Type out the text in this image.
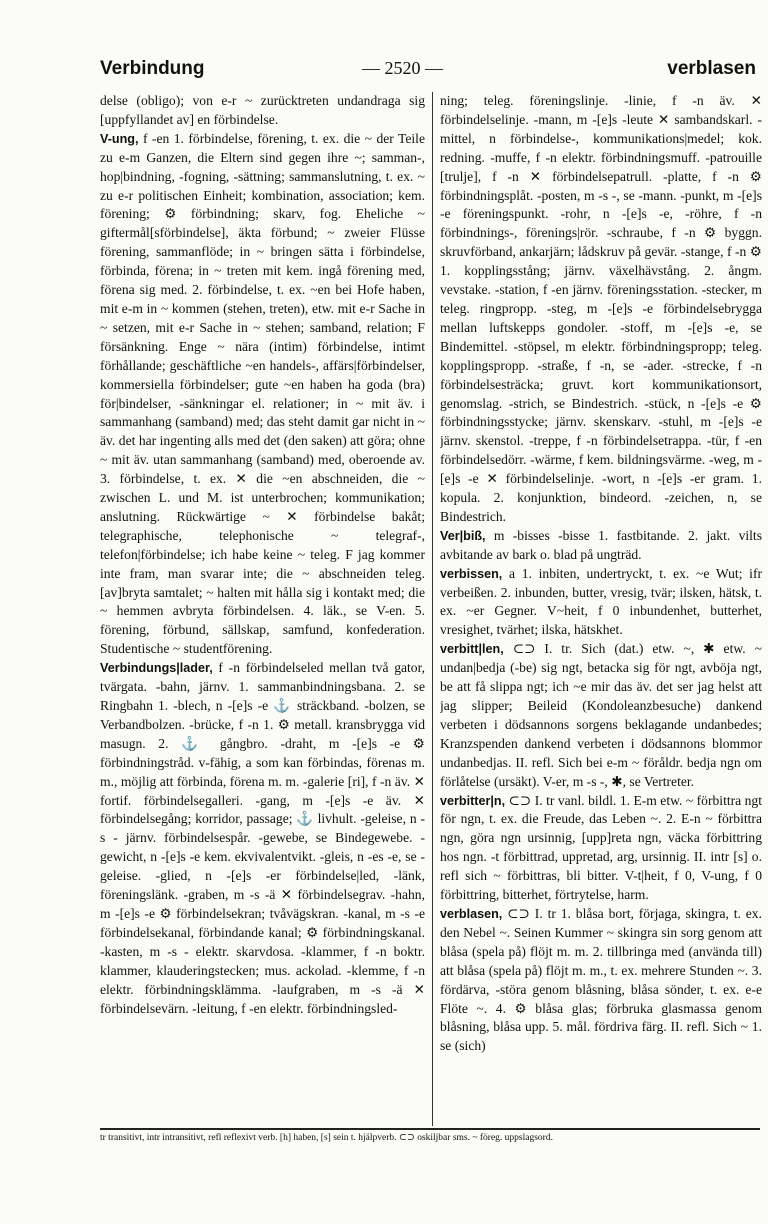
Verbindung	— 2520 —	verblasen

delse (obligo); von e-r ~ zurücktreten undandraga sig [uppfyllandet av] en förbindelse.

V-ung, f -en 1. förbindelse, förening, t. ex. die ~ der Teile zu e-m Ganzen, die Eltern sind gegen ihre ~; samman-, hop|bindning, -fogning, -sättning; sammanslutning, t. ex. ~ zu e-r politischen Einheit; kombination, association; kem. förening; ⚙ förbindning; skarv, fog. Eheliche ~ giftermål[sförbindelse], äkta förbund; ~ zweier Flüsse förening, sammanflöde; in ~ bringen sätta i förbindelse, förbinda, förena; in ~ treten mit kem. ingå förening med, förena sig med. 2. förbindelse, t. ex. ~en bei Hofe haben, mit e-m in ~ kommen (stehen, treten), etw. mit e-r Sache in ~ setzen, mit e-r Sache in ~ stehen; samband, relation; F försänkning. Enge ~ nära (intim) förbindelse, intimt förhållande; geschäftliche ~en handels-, affärs|förbindelser, kommersiella förbindelser; gute ~en haben ha goda (bra) för|bindelser, -sänkningar el. relationer; in ~ mit äv. i sammanhang (samband) med; das steht damit gar nicht in ~ äv. det har ingenting alls med det (den saken) att göra; ohne ~ mit äv. utan sammanhang (samband) med, oberoende av. 3. förbindelse, t. ex. ✕ die ~en abschneiden, die ~ zwischen L. und M. ist unterbrochen; kommunikation; anslutning. Rückwärtige ~ ✕ förbindelse bakåt; telegraphische, telephonische ~ telegraf-, telefon|förbindelse; ich habe keine ~ teleg. F jag kommer inte fram, man svarar inte; die ~ abschneiden teleg. [av]bryta samtalet; ~ halten mit hålla sig i kontakt med; die ~ hemmen avbryta förbindelsen. 4. läk., se V-en. 5. förening, förbund, sällskap, samfund, konfederation. Studentische ~ studentförening.

Verbindungs|lader, f -n förbindelseled mellan två gator, tvärgata. -bahn, järnv. 1. sammanbindningsbana. 2. se Ringbahn 1. -blech, n -[e]s -e ⚓ sträckband. -bolzen, se Verbandbolzen. -brücke, f -n 1. ⚙ metall. kransbrygga vid masugn. 2. ⚓ gångbro. -draht, m -[e]s -e ⚙ förbindningstråd. v-fähig, a som kan förbindas, förenas m. m., möjlig att förbinda, förena m. m. -galerie [ri], f -n äv. ✕ fortif. förbindelsegalleri. -gang, m -[e]s -e äv. ✕ förbindelsegång; korridor, passage; ⚓ livhult. -geleise, n -s - järnv. förbindelsespår. -gewebe, se Bindegewebe. -gewicht, n -[e]s -e kem. ekvivalentvikt. -gleis, n -es -e, se -geleise. -glied, n -[e]s -er förbindelse|led, -länk, föreningslänk. -graben, m -s -ä ✕ förbindelsegrav. -hahn, m -[e]s -e ⚙ förbindelsekran; tvåvägskran. -kanal, m -s -e förbindelsekanal, förbindande kanal; ⚙ förbindningskanal. -kasten, m -s - elektr. skarvdosa. -klammer, f -n boktr. klammer, klauderingstecken; mus. ackolad. -klemme, f -n elektr. förbindningsklämma. -laufgraben, m -s -ä ✕ förbindelsevärn. -leitung, f -en elektr. förbindningsled-

ning; teleg. föreningslinje. -linie, f -n äv. ✕ förbindelselinje. -mann, m -[e]s -leute ✕ sambandskarl. -mittel, n förbindelse-, kommunikations|medel; kok. redning. -muffe, f -n elektr. förbindningsmuff. -patrouille [trulje], f -n ✕ förbindelsepatrull. -platte, f -n ⚙ förbindningsplåt. -posten, m -s -, se -mann. -punkt, m -[e]s -e föreningspunkt. -rohr, n -[e]s -e, -röhre, f -n förbindnings-, förenings|rör. -schraube, f -n ⚙ byggn. skruvförband, ankarjärn; lådskruv på gevär. -stange, f -n ⚙ 1. kopplingsstång; järnv. växelhävstång. 2. ångm. vevstake. -station, f -en järnv. föreningsstation. -stecker, m teleg. ringpropp. -steg, m -[e]s -e förbindelsebrygga mellan luftskepps gondoler. -stoff, m -[e]s -e, se Bindemittel. -stöpsel, m elektr. förbindningspropp; teleg. kopplingspropp. -straße, f -n, se -ader. -strecke, f -n förbindelsesträcka; gruvt. kort kommunikationsort, genomslag. -strich, se Bindestrich. -stück, n -[e]s -e ⚙ förbindningsstycke; järnv. skenskarv. -stuhl, m -[e]s -e järnv. skenstol. -treppe, f -n förbindelsetrappa. -tür, f -en förbindelsedörr. -wärme, f kem. bildningsvärme. -weg, m -[e]s -e ✕ förbindelselinje. -wort, n -[e]s -er gram. 1. kopula. 2. konjunktion, bindeord. -zeichen, n, se Bindestrich.

Ver|biß, m -bisses -bisse 1. fastbitande. 2. jakt. vilts avbitande av bark o. blad på ungträd.

verbissen, a 1. inbiten, undertryckt, t. ex. ~e Wut; ifr verbeißen. 2. inbunden, butter, vresig, tvär; ilsken, hätsk, t. ex. ~er Gegner. V~heit, f 0 inbundenhet, butterhet, vresighet, tvärhet; ilska, hätskhet.

verbitt|len, ⊂⊃ I. tr. Sich (dat.) etw. ~, ✱ etw. ~ undan|bedja (-be) sig ngt, betacka sig för ngt, avböja ngt, be att få slippa ngt; ich ~e mir das äv. det ser jag helst att jag slipper; Beileid (Kondoleanzbesuche) dankend verbeten i dödsannons sorgens beklagande undanbedes; Kranzspenden dankend verbeten i dödsannons blommor undanbedjas. II. refl. Sich bei e-m ~ föråldr. bedja ngn om förlåtelse (ursäkt). V-er, m -s -, ✱, se Vertreter.

verbitter|n, ⊂⊃ I. tr vanl. bildl. 1. E-m etw. ~ förbittra ngt för ngn, t. ex. die Freude, das Leben ~. 2. E-n ~ förbittra ngn, göra ngn ursinnig, [upp]reta ngn, väcka förbittring hos ngn. -t förbittrad, uppretad, arg, ursinnig. II. intr [s] o. refl sich ~ förbittras, bli bitter. V-t|heit, f 0, V-ung, f 0 förbittring, bitterhet, förtrytelse, harm.

verblasen, ⊂⊃ I. tr 1. blåsa bort, förjaga, skingra, t. ex. den Nebel ~. Seinen Kummer ~ skingra sin sorg genom att blåsa (spela på) flöjt m. m. 2. tillbringa med (använda till) att blåsa (spela på) flöjt m. m., t. ex. mehrere Stunden ~. 3. fördärva, -störa genom blåsning, blåsa sönder, t. ex. e-e Flöte ~. 4. ⚙ blåsa glas; förbruka glasmassa genom blåsning, blåsa upp. 5. mål. fördriva färg. II. refl. Sich ~ 1. se (sich)

tr transitivt, intr intransitivt, refl reflexivt verb. [h] haben, [s] sein t. hjälpverb. ⊂⊃ oskiljbar sms. ~ föreg. uppslagsord.
